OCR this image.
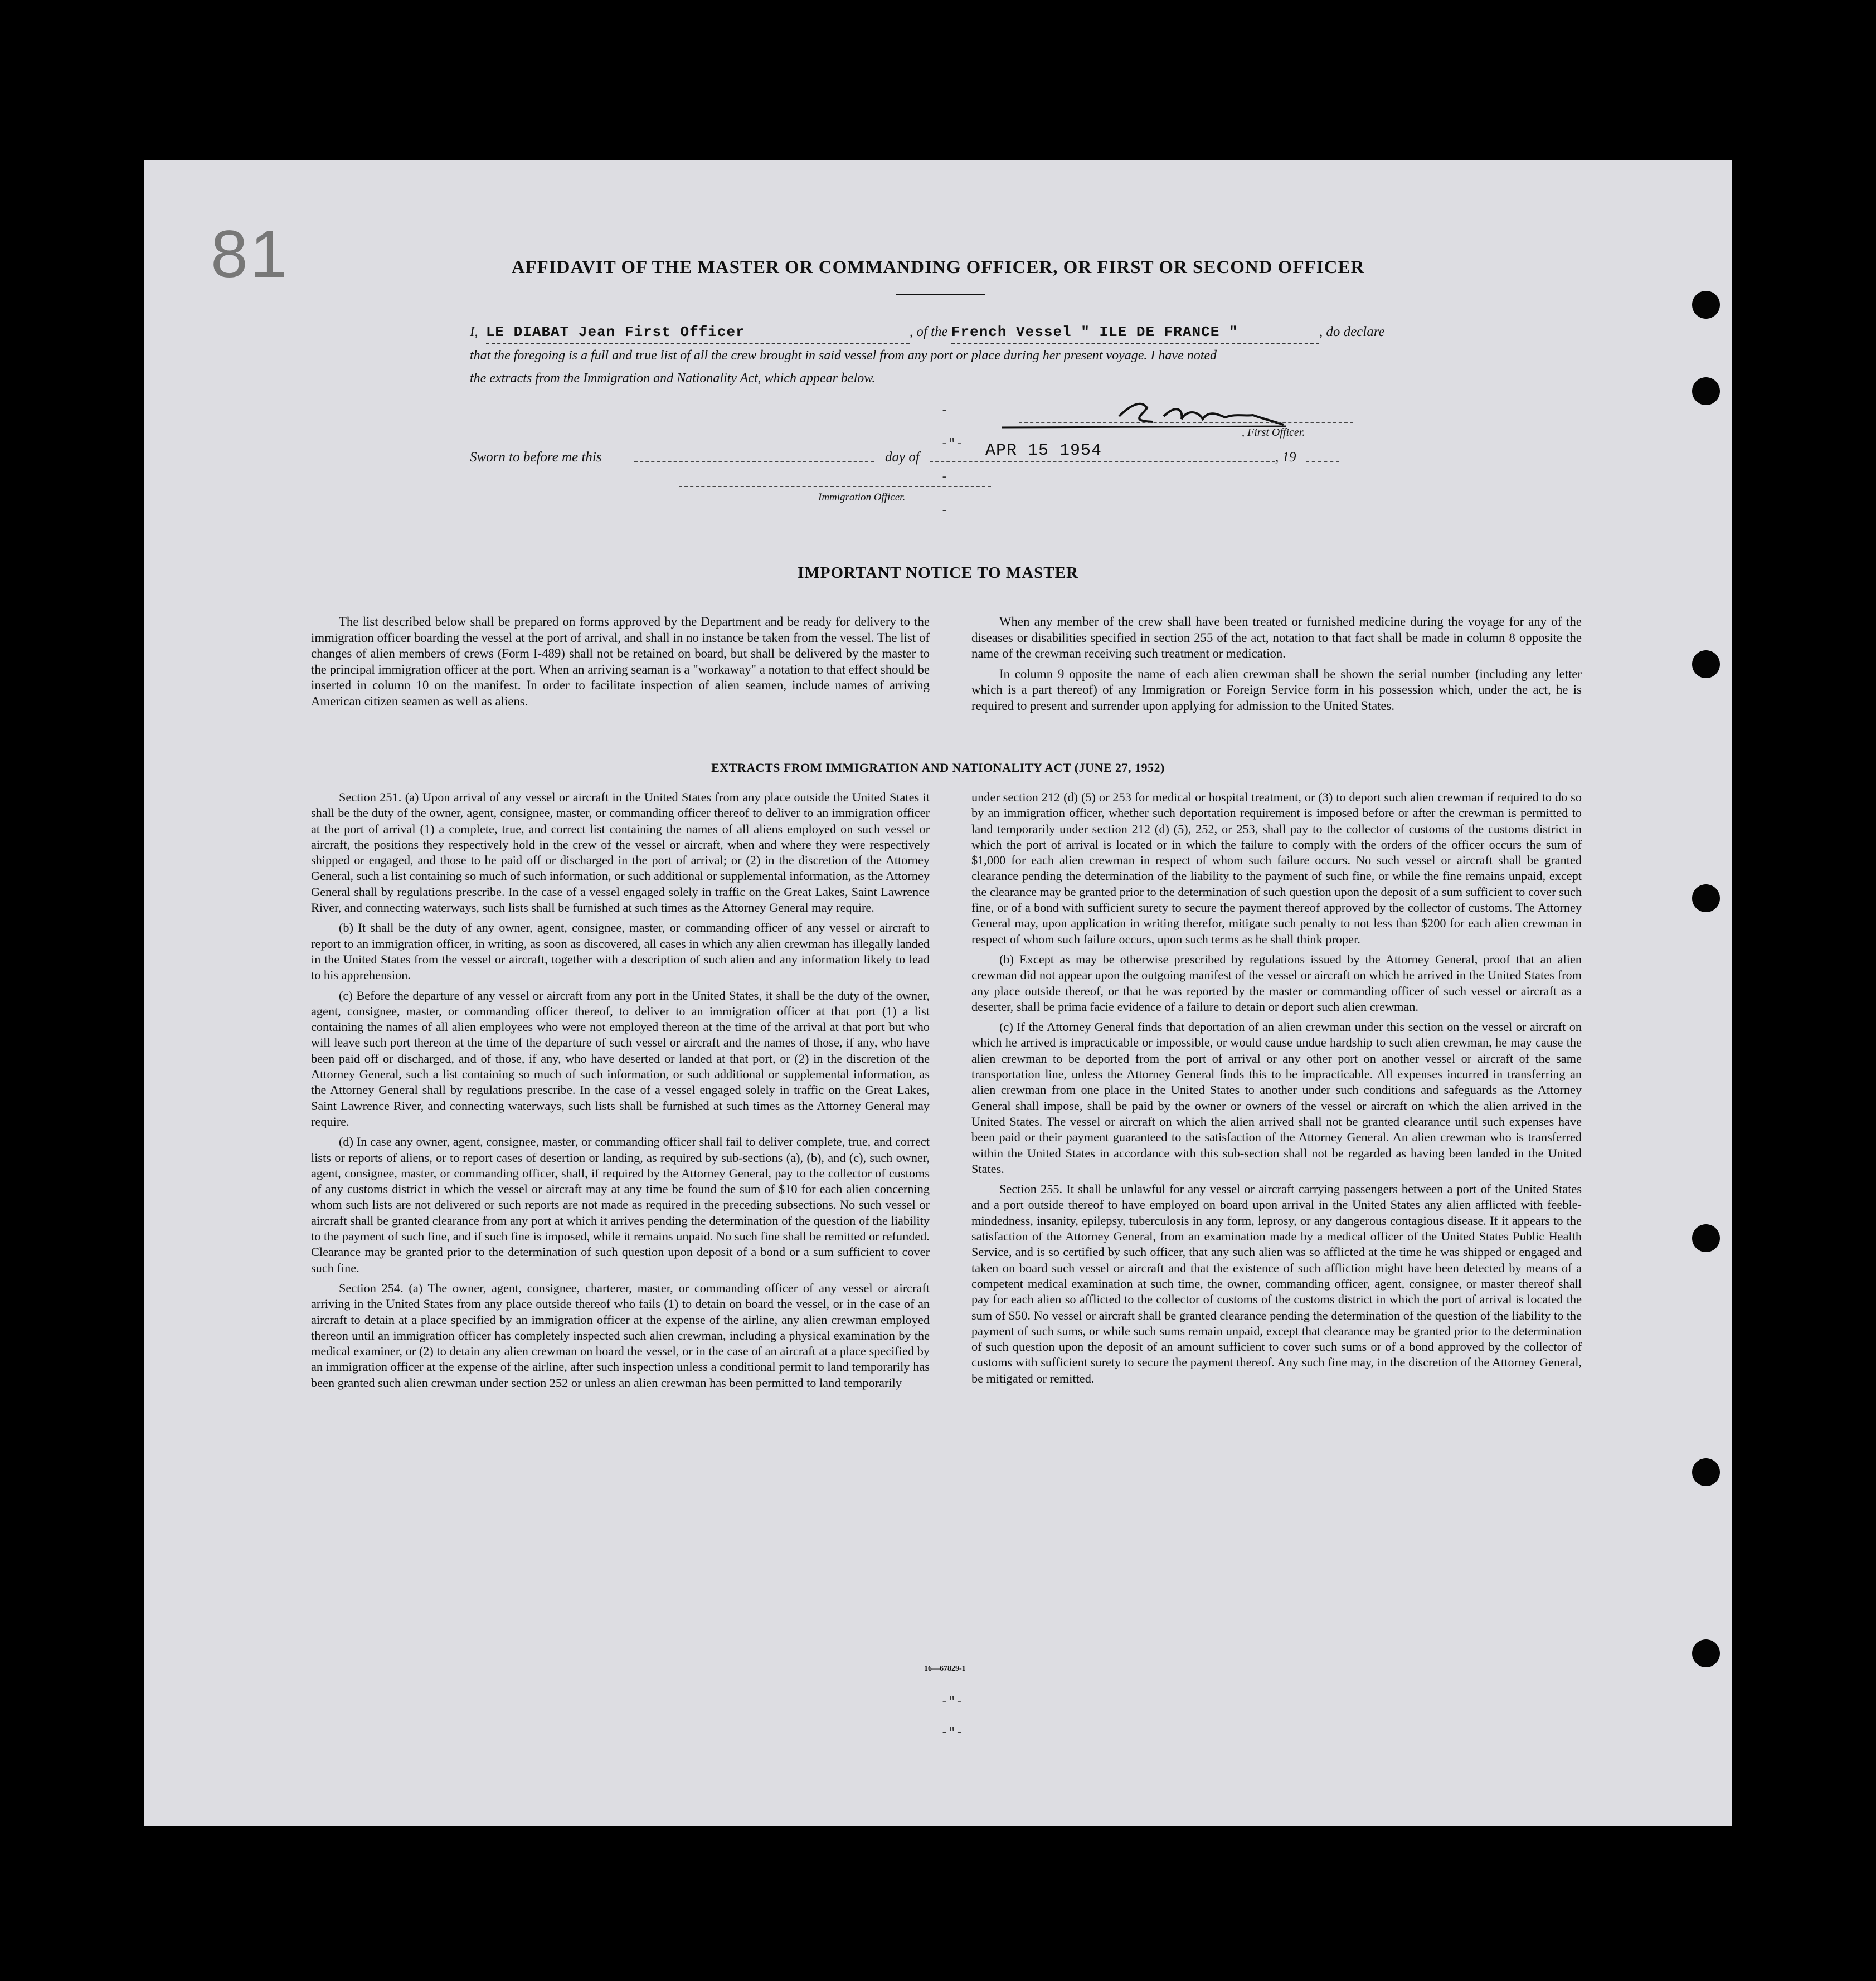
81	AFFIDAVIT OF THE MASTER OR COMMANDING OFFICER, OR FIRST OR SECOND OFFICER
I, LE DIABAT Jean First Officer	, of the French Vessel " ILE DE FRANCE "	, do declare
that the foregoing is a full and true list of all the crew brought in said vessel from any port or place during her present voyage. I have noted
the extracts from the Immigration and Nationality Act, which appear below.
, First Officer.
Sworn to before me this	day of	APR 15 1954	, 19
Immigration Officer.
IMPORTANT NOTICE TO MASTER

The list described below shall be prepared on forms approved by the Department and be ready for delivery to the immigration officer boarding the vessel at the port of arrival, and shall in no instance be taken from the vessel. The list of changes of alien members of crews (Form I-489) shall not be retained on board, but shall be delivered by the master to the principal immigration officer at the port. When an arriving seaman is a "workaway" a notation to that effect should be inserted in column 10 on the manifest. In order to facilitate inspection of alien seamen, include names of arriving American citizen seamen as well as aliens.

When any member of the crew shall have been treated or furnished medicine during the voyage for any of the diseases or disabilities specified in section 255 of the act, notation to that fact shall be made in column 8 opposite the name of the crewman receiving such treatment or medication.

In column 9 opposite the name of each alien crewman shall be shown the serial number (including any letter which is a part thereof) of any Immigration or Foreign Service form in his possession which, under the act, he is required to present and surrender upon applying for admission to the United States.

EXTRACTS FROM IMMIGRATION AND NATIONALITY ACT (JUNE 27, 1952)

Section 251. (a) Upon arrival of any vessel or aircraft in the United States from any place outside the United States it shall be the duty of the owner, agent, consignee, master, or commanding officer thereof to deliver to an immigration officer at the port of arrival (1) a complete, true, and correct list containing the names of all aliens employed on such vessel or aircraft, the positions they respectively hold in the crew of the vessel or aircraft, when and where they were respectively shipped or engaged, and those to be paid off or discharged in the port of arrival; or (2) in the discretion of the Attorney General, such a list containing so much of such information, or such additional or supplemental information, as the Attorney General shall by regulations prescribe. In the case of a vessel engaged solely in traffic on the Great Lakes, Saint Lawrence River, and connecting waterways, such lists shall be furnished at such times as the Attorney General may require.

(b) It shall be the duty of any owner, agent, consignee, master, or commanding officer of any vessel or aircraft to report to an immigration officer, in writing, as soon as discovered, all cases in which any alien crewman has illegally landed in the United States from the vessel or aircraft, together with a description of such alien and any information likely to lead to his apprehension.

(c) Before the departure of any vessel or aircraft from any port in the United States, it shall be the duty of the owner, agent, consignee, master, or commanding officer thereof, to deliver to an immigration officer at that port (1) a list containing the names of all alien employees who were not employed thereon at the time of the arrival at that port but who will leave such port thereon at the time of the departure of such vessel or aircraft and the names of those, if any, who have been paid off or discharged, and of those, if any, who have deserted or landed at that port, or (2) in the discretion of the Attorney General, such a list containing so much of such information, or such additional or supplemental information, as the Attorney General shall by regulations prescribe. In the case of a vessel engaged solely in traffic on the Great Lakes, Saint Lawrence River, and connecting waterways, such lists shall be furnished at such times as the Attorney General may require.

(d) In case any owner, agent, consignee, master, or commanding officer shall fail to deliver complete, true, and correct lists or reports of aliens, or to report cases of desertion or landing, as required by sub-sections (a), (b), and (c), such owner, agent, consignee, master, or commanding officer, shall, if required by the Attorney General, pay to the collector of customs of any customs district in which the vessel or aircraft may at any time be found the sum of $10 for each alien concerning whom such lists are not delivered or such reports are not made as required in the preceding subsections. No such vessel or aircraft shall be granted clearance from any port at which it arrives pending the determination of the question of the liability to the payment of such fine, and if such fine is imposed, while it remains unpaid. No such fine shall be remitted or refunded. Clearance may be granted prior to the determination of such question upon deposit of a bond or a sum sufficient to cover such fine.

Section 254. (a) The owner, agent, consignee, charterer, master, or commanding officer of any vessel or aircraft arriving in the United States from any place outside thereof who fails (1) to detain on board the vessel, or in the case of an aircraft to detain at a place specified by an immigration officer at the expense of the airline, any alien crewman employed thereon until an immigration officer has completely inspected such alien crewman, including a physical examination by the medical examiner, or (2) to detain any alien crewman on board the vessel, or in the case of an aircraft at a place specified by an immigration officer at the expense of the airline, after such inspection unless a conditional permit to land temporarily has been granted such alien crewman under section 252 or unless an alien crewman has been permitted to land temporarily

under section 212 (d) (5) or 253 for medical or hospital treatment, or (3) to deport such alien crewman if required to do so by an immigration officer, whether such deportation requirement is imposed before or after the crewman is permitted to land temporarily under section 212 (d) (5), 252, or 253, shall pay to the collector of customs of the customs district in which the port of arrival is located or in which the failure to comply with the orders of the officer occurs the sum of $1,000 for each alien crewman in respect of whom such failure occurs. No such vessel or aircraft shall be granted clearance pending the determination of the liability to the payment of such fine, or while the fine remains unpaid, except the clearance may be granted prior to the determination of such question upon the deposit of a sum sufficient to cover such fine, or of a bond with sufficient surety to secure the payment thereof approved by the collector of customs. The Attorney General may, upon application in writing therefor, mitigate such penalty to not less than $200 for each alien crewman in respect of whom such failure occurs, upon such terms as he shall think proper.

(b) Except as may be otherwise prescribed by regulations issued by the Attorney General, proof that an alien crewman did not appear upon the outgoing manifest of the vessel or aircraft on which he arrived in the United States from any place outside thereof, or that he was reported by the master or commanding officer of such vessel or aircraft as a deserter, shall be prima facie evidence of a failure to detain or deport such alien crewman.

(c) If the Attorney General finds that deportation of an alien crewman under this section on the vessel or aircraft on which he arrived is impracticable or impossible, or would cause undue hardship to such alien crewman, he may cause the alien crewman to be deported from the port of arrival or any other port on another vessel or aircraft of the same transportation line, unless the Attorney General finds this to be impracticable. All expenses incurred in transferring an alien crewman from one place in the United States to another under such conditions and safeguards as the Attorney General shall impose, shall be paid by the owner or owners of the vessel or aircraft on which the alien arrived in the United States. The vessel or aircraft on which the alien arrived shall not be granted clearance until such expenses have been paid or their payment guaranteed to the satisfaction of the Attorney General. An alien crewman who is transferred within the United States in accordance with this sub-section shall not be regarded as having been landed in the United States.

Section 255. It shall be unlawful for any vessel or aircraft carrying passengers between a port of the United States and a port outside thereof to have employed on board upon arrival in the United States any alien afflicted with feeble-mindedness, insanity, epilepsy, tuberculosis in any form, leprosy, or any dangerous contagious disease. If it appears to the satisfaction of the Attorney General, from an examination made by a medical officer of the United States Public Health Service, and is so certified by such officer, that any such alien was so afflicted at the time he was shipped or engaged and taken on board such vessel or aircraft and that the existence of such affliction might have been detected by means of a competent medical examination at such time, the owner, commanding officer, agent, consignee, or master thereof shall pay for each alien so afflicted to the collector of customs of the customs district in which the port of arrival is located the sum of $50. No vessel or aircraft shall be granted clearance pending the determination of the question of the liability to the payment of such sums, or while such sums remain unpaid, except that clearance may be granted prior to the determination of such question upon the deposit of an amount sufficient to cover such sums or of a bond approved by the collector of customs with sufficient surety to secure the payment thereof. Any such fine may, in the discretion of the Attorney General, be mitigated or remitted.

16—67829-1
-
-"-
-
-
-"-
-"-
